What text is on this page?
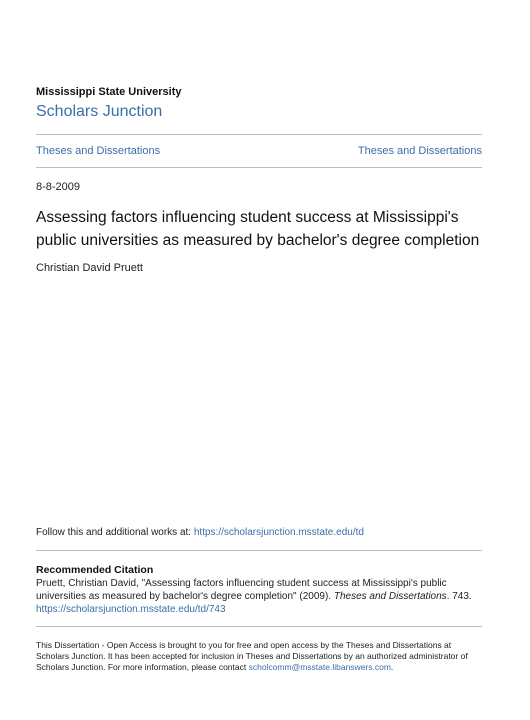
Mississippi State University
Scholars Junction
Theses and Dissertations	Theses and Dissertations
8-8-2009
Assessing factors influencing student success at Mississippi's public universities as measured by bachelor's degree completion
Christian David Pruett
Follow this and additional works at: https://scholarsjunction.msstate.edu/td
Recommended Citation
Pruett, Christian David, "Assessing factors influencing student success at Mississippi's public universities as measured by bachelor's degree completion" (2009). Theses and Dissertations. 743.
https://scholarsjunction.msstate.edu/td/743
This Dissertation - Open Access is brought to you for free and open access by the Theses and Dissertations at Scholars Junction. It has been accepted for inclusion in Theses and Dissertations by an authorized administrator of Scholars Junction. For more information, please contact scholcomm@msstate.libanswers.com.
